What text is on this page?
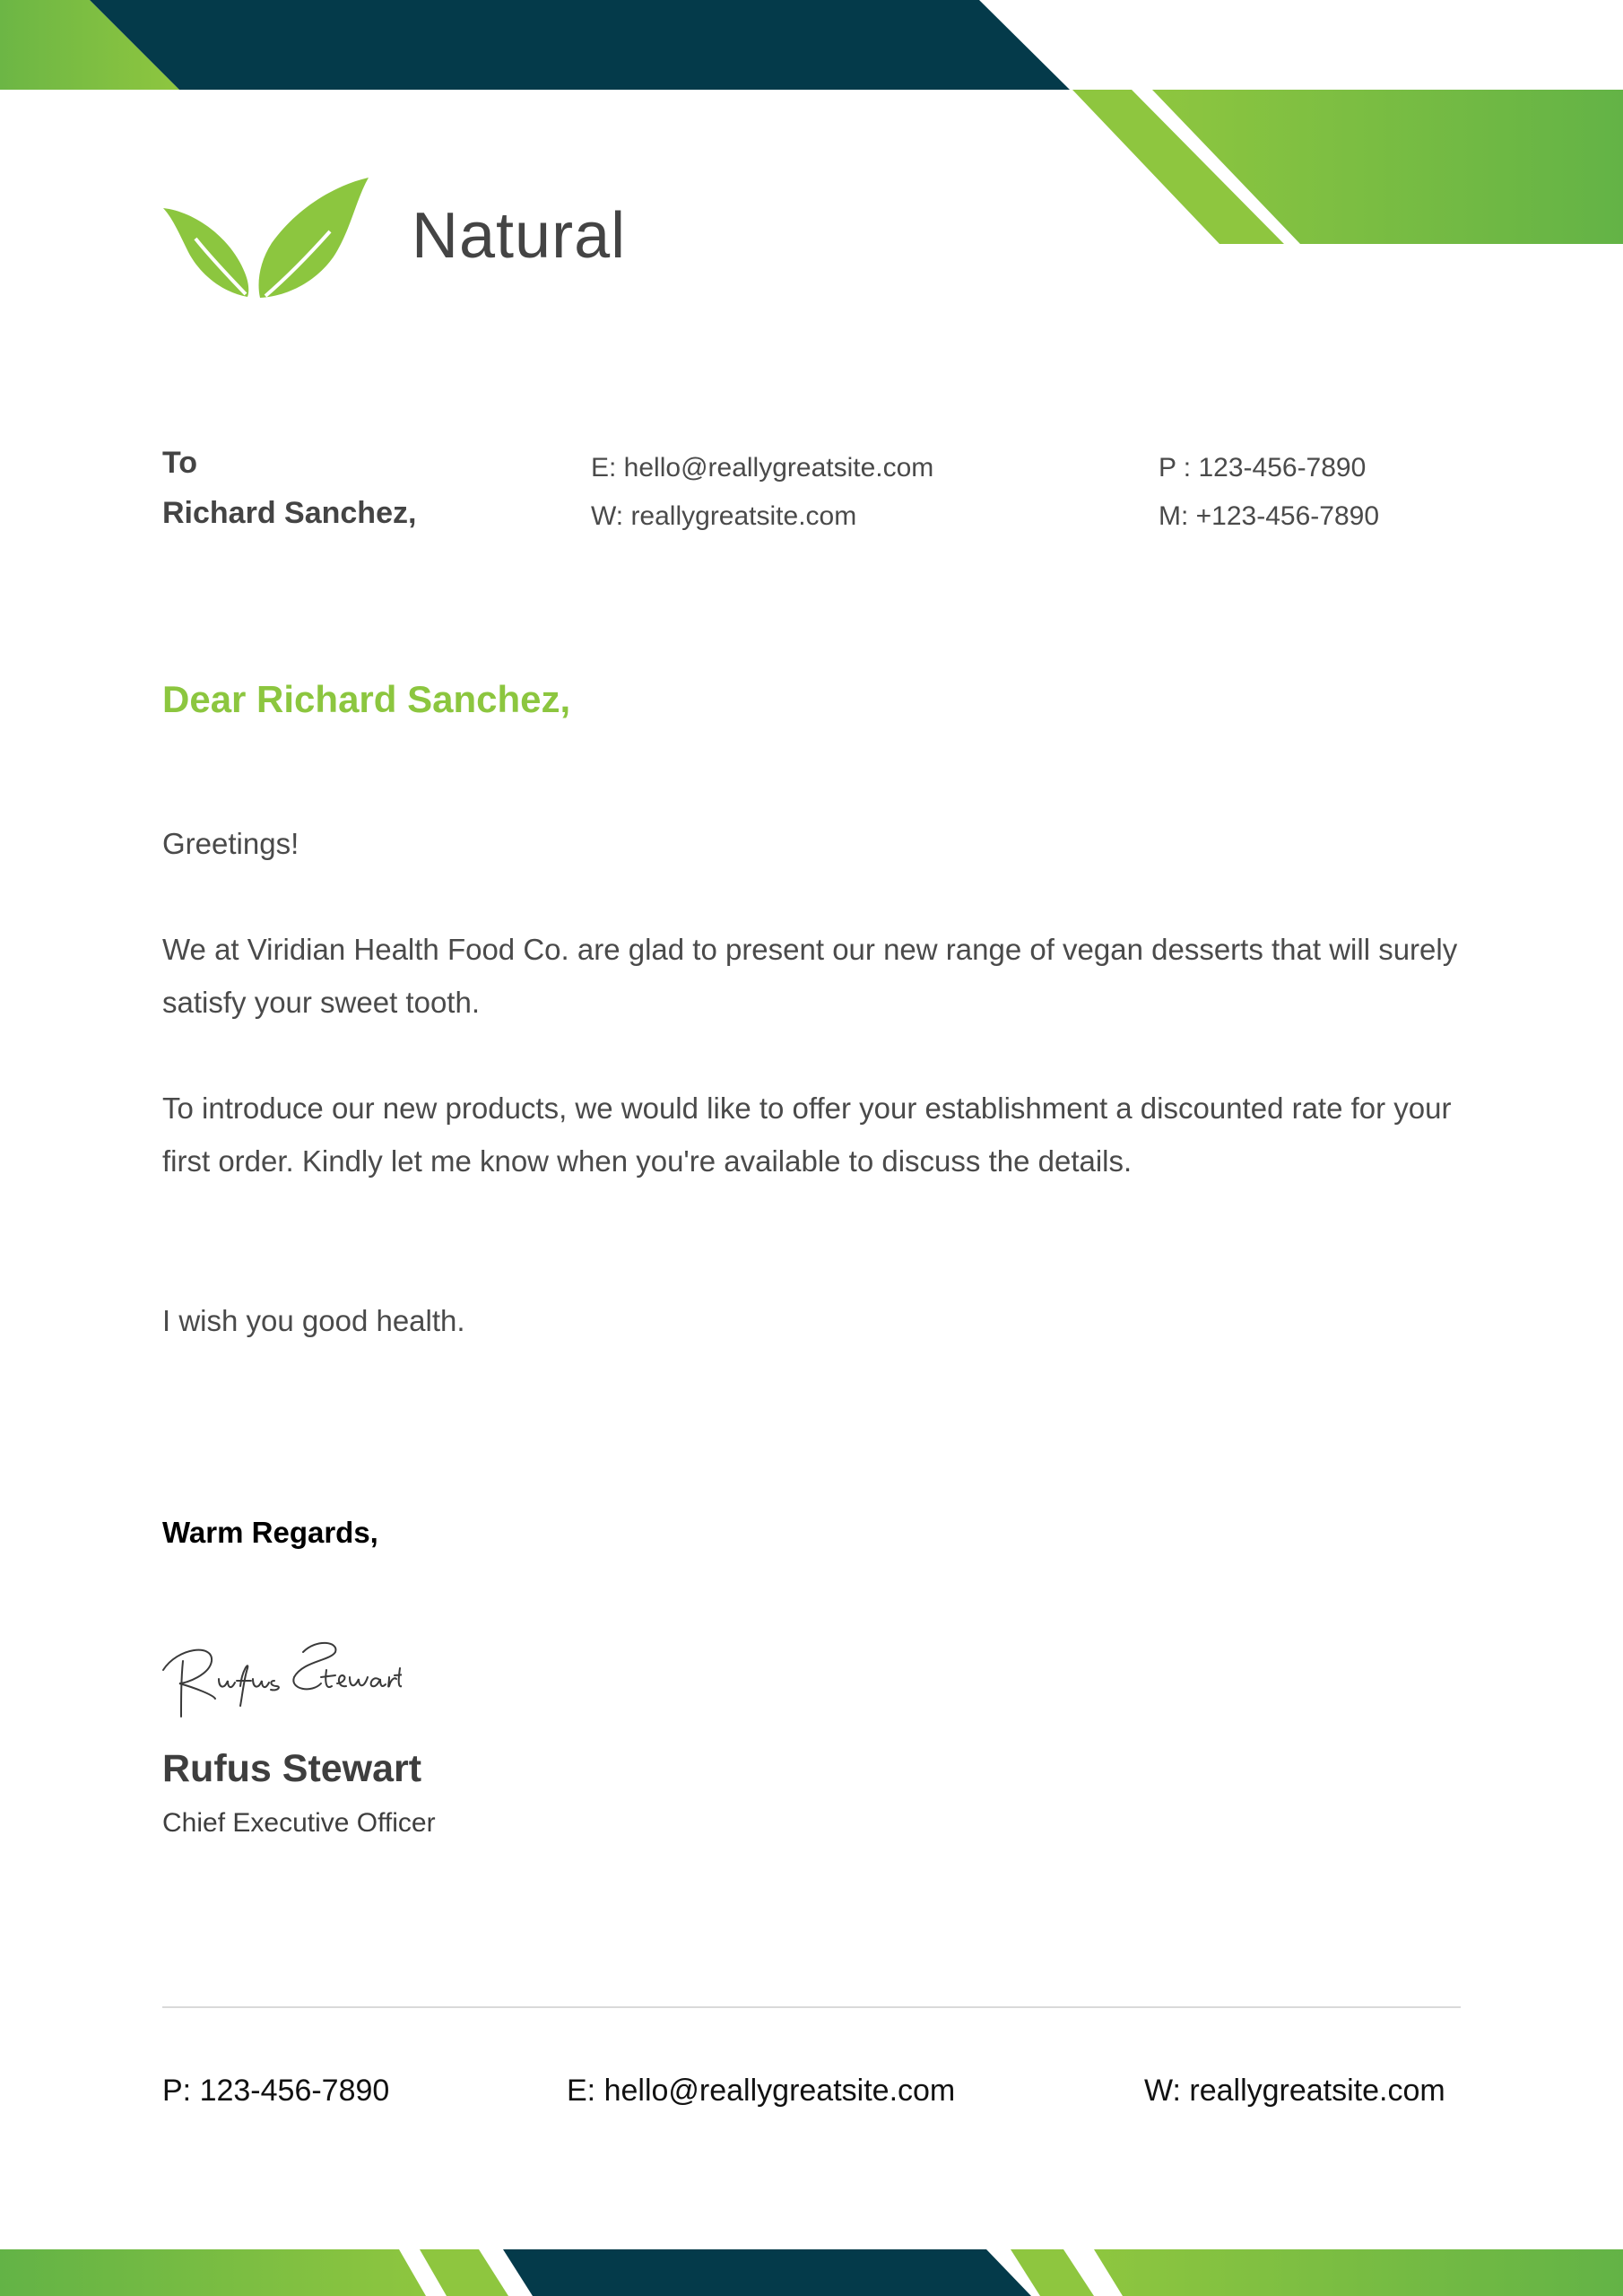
Natural
To
Richard Sanchez,
E: hello@reallygreatsite.com
W: reallygreatsite.com
P : 123-456-7890
M: +123-456-7890
Dear Richard Sanchez,
Greetings!
We at Viridian Health Food Co. are glad to present our new range of vegan desserts that will surely satisfy your sweet tooth.
To introduce our new products, we would like to offer your establishment a discounted rate for your first order. Kindly let me know when you're available to discuss the details.
I wish you good health.
Warm Regards,
Rufus Stewart
Chief Executive Officer
P: 123-456-7890	E: hello@reallygreatsite.com	W: reallygreatsite.com
